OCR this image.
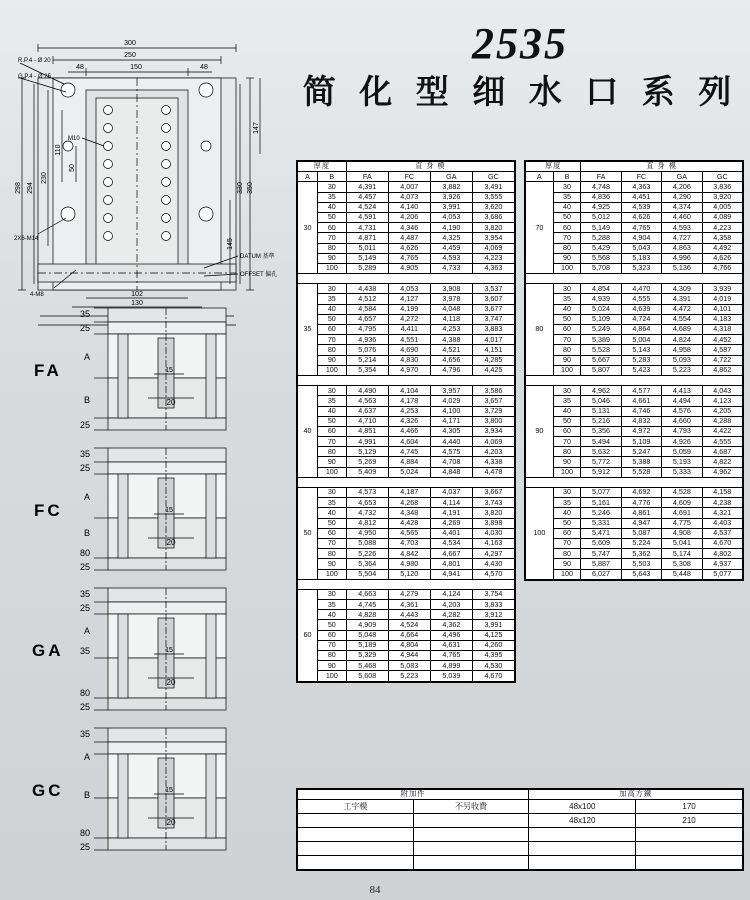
2535
简 化 型 细 水 口 系 列
300
250
150
48	48
298 294
230
110
50
350
330
147
145
102
130
R.P.4 - Ø 20
G.P.4 - Ø 25
M10
2X6-M14
4-M8
DATUM 基準
OFFSET 偏孔
15
20
35
25
A
B
25
FA
15
20
35
25
A
B
80
25
FC
15
20
35
25
A
35
80
25
GA
15
20
35
A
B
80
25
GC
厚度		直 身 模			
A	B	FA	FC	GA	GC
30	30	4,391	4,007	3,882	3,491
	35	4,457	4,073	3,926	3,555
	40	4,524	4,140	3,991	3,620
	50	4,591	4,206	4,053	3,686
	60	4,731	4,346	4,190	3,820
	70	4,871	4,487	4,325	3,954
	80	5,011	4,626	4,459	4,069
	90	5,149	4,765	4,593	4,223
	100	5,289	4,905	4,733	4,363

35	30	4,438	4,053	3,908	3,537
	35	4,512	4,127	3,978	3,607
	40	4,584	4,199	4,048	3,677
	50	4,657	4,272	4,118	3,747
	60	4,795	4,411	4,253	3,883
	70	4,936	4,551	4,388	4,017
	80	5,076	4,690	4,521	4,151
	90	5,214	4,830	4,656	4,285
	100	5,354	4,970	4,796	4,425

40	30	4,490	4,104	3,957	3,586
	35	4,563	4,178	4,029	3,657
	40	4,637	4,253	4,100	3,729
	50	4,710	4,326	4,171	3,800
	60	4,851	4,466	4,305	3,934
	70	4,991	4,604	4,440	4,069
	80	5,129	4,745	4,575	4,203
	90	5,269	4,884	4,708	4,338
	100	5,409	5,024	4,848	4,478

50	30	4,573	4,187	4,037	3,667
	35	4,653	4,268	4,114	3,743
	40	4,732	4,348	4,191	3,820
	50	4,812	4,428	4,269	3,898
	60	4,950	4,565	4,401	4,030
	70	5,088	4,703	4,534	4,163
	80	5,226	4,842	4,667	4,297
	90	5,364	4,980	4,801	4,430
	100	5,504	5,120	4,941	4,570

60	30	4,663	4,279	4,124	3,754
	35	4,745	4,361	4,203	3,833
	40	4,828	4,443	4,282	3,912
	50	4,909	4,524	4,362	3,991
	60	5,048	4,664	4,496	4,125
	70	5,189	4,804	4,631	4,260
	80	5,329	4,944	4,765	4,395
	90	5,468	5,083	4,899	4,530
	100	5,608	5,223	5,039	4,670
厚度		直 身 模			
A	B	FA	FC	GA	GC
70	30	4,748	4,363	4,206	3,836
	35	4,836	4,451	4,290	3,920
	40	4,925	4,539	4,374	4,005
	50	5,012	4,626	4,460	4,089
	60	5,149	4,765	4,593	4,223
	70	5,288	4,904	4,727	4,358
	80	5,429	5,043	4,863	4,492
	90	5,568	5,183	4,996	4,626
	100	5,708	5,323	5,136	4,766

80	30	4,854	4,470	4,309	3,939
	35	4,939	4,555	4,391	4,019
	40	5,024	4,639	4,472	4,101
	50	5,109	4,724	4,554	4,183
	60	5,249	4,864	4,689	4,318
	70	5,389	5,004	4,824	4,452
	80	5,528	5,143	4,958	4,587
	90	5,667	5,283	5,093	4,722
	100	5,807	5,423	5,223	4,862

90	30	4,962	4,577	4,413	4,043
	35	5,046	4,661	4,494	4,123
	40	5,131	4,746	4,576	4,205
	50	5,216	4,832	4,660	4,288
	60	5,356	4,972	4,793	4,422
	70	5,494	5,109	4,926	4,555
	80	5,632	5,247	5,059	4,687
	90	5,772	5,388	5,193	4,822
	100	5,912	5,528	5,333	4,962

100	30	5,077	4,692	4,528	4,158
	35	5,161	4,776	4,609	4,238
	40	5,246	4,861	4,691	4,321
	50	5,331	4,947	4,775	4,403
	60	5,471	5,087	4,908	4,537
	70	5,609	5,224	5,041	4,670
	80	5,747	5,362	5,174	4,802
	90	5,887	5,503	5,308	4,937
	100	6,027	5,643	5,448	5,077
附加件		加高方鐵	
工字模	不另收費	48x100	170
		48x120	210

84
